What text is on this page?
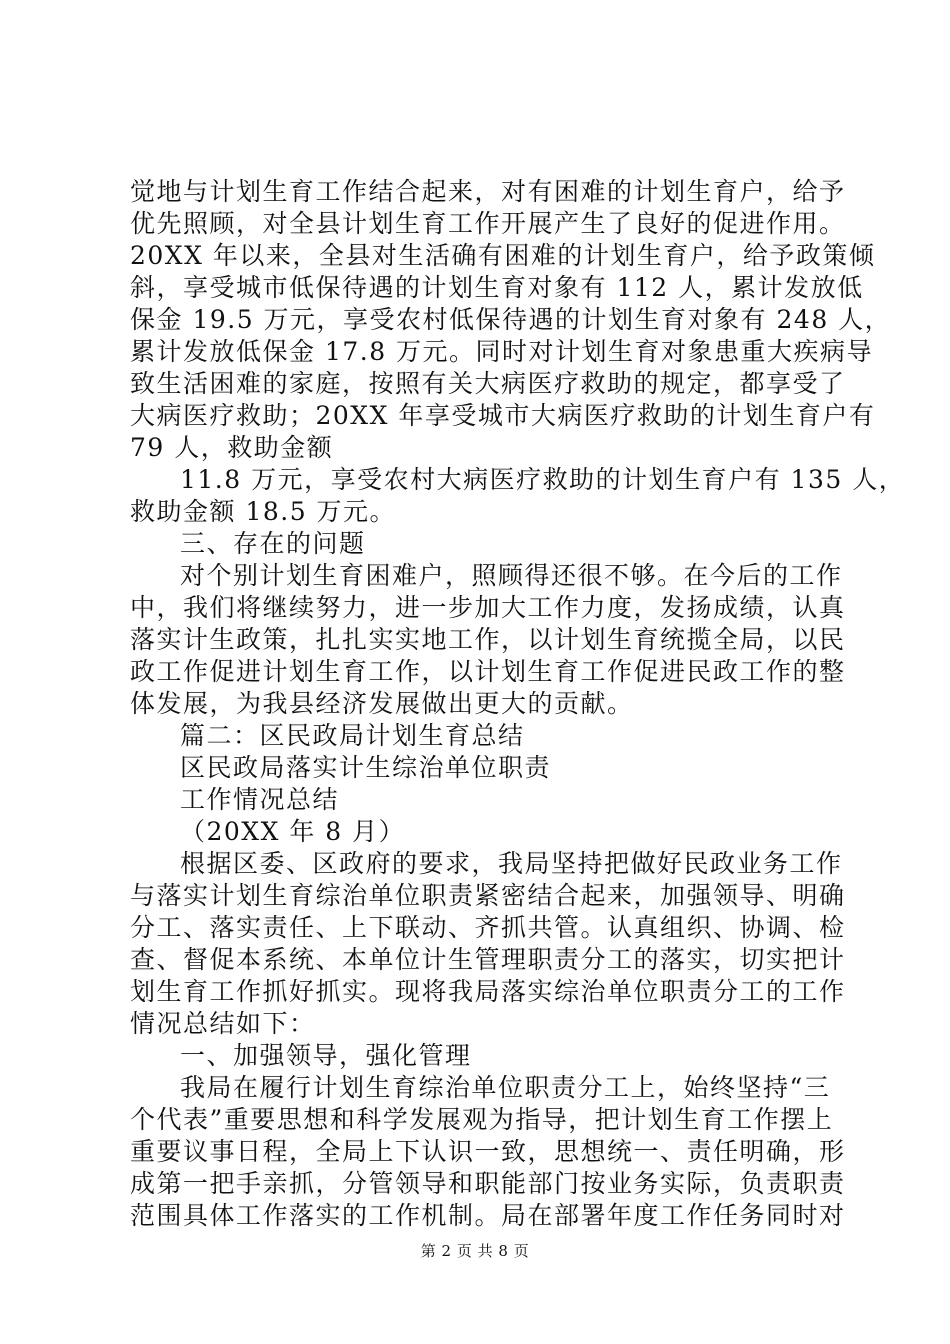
觉地与计划生育工作结合起来，对有困难的计划生育户，给予
优先照顾，对全县计划生育工作开展产生了良好的促进作用。
20XX 年以来，全县对生活确有困难的计划生育户，给予政策倾
斜，享受城市低保待遇的计划生育对象有 112 人，累计发放低
保金 19.5 万元，享受农村低保待遇的计划生育对象有 248 人，
累计发放低保金 17.8 万元。同时对计划生育对象患重大疾病导
致生活困难的家庭，按照有关大病医疗救助的规定，都享受了
大病医疗救助；20XX 年享受城市大病医疗救助的计划生育户有
79 人，救助金额
11.8 万元，享受农村大病医疗救助的计划生育户有 135 人，
救助金额 18.5 万元。
三、存在的问题
对个别计划生育困难户，照顾得还很不够。在今后的工作
中，我们将继续努力，进一步加大工作力度，发扬成绩，认真
落实计生政策，扎扎实实地工作，以计划生育统揽全局，以民
政工作促进计划生育工作，以计划生育工作促进民政工作的整
体发展，为我县经济发展做出更大的贡献。
篇二：区民政局计划生育总结
区民政局落实计生综治单位职责
工作情况总结
（20XX 年 8 月）
根据区委、区政府的要求，我局坚持把做好民政业务工作
与落实计划生育综治单位职责紧密结合起来，加强领导、明确
分工、落实责任、上下联动、齐抓共管。认真组织、协调、检
查、督促本系统、本单位计生管理职责分工的落实，切实把计
划生育工作抓好抓实。现将我局落实综治单位职责分工的工作
情况总结如下：
一、加强领导，强化管理
我局在履行计划生育综治单位职责分工上，始终坚持“三
个代表”重要思想和科学发展观为指导，把计划生育工作摆上
重要议事日程，全局上下认识一致，思想统一、责任明确，形
成第一把手亲抓，分管领导和职能部门按业务实际，负责职责
范围具体工作落实的工作机制。局在部署年度工作任务同时对
第 2 页 共 8 页
